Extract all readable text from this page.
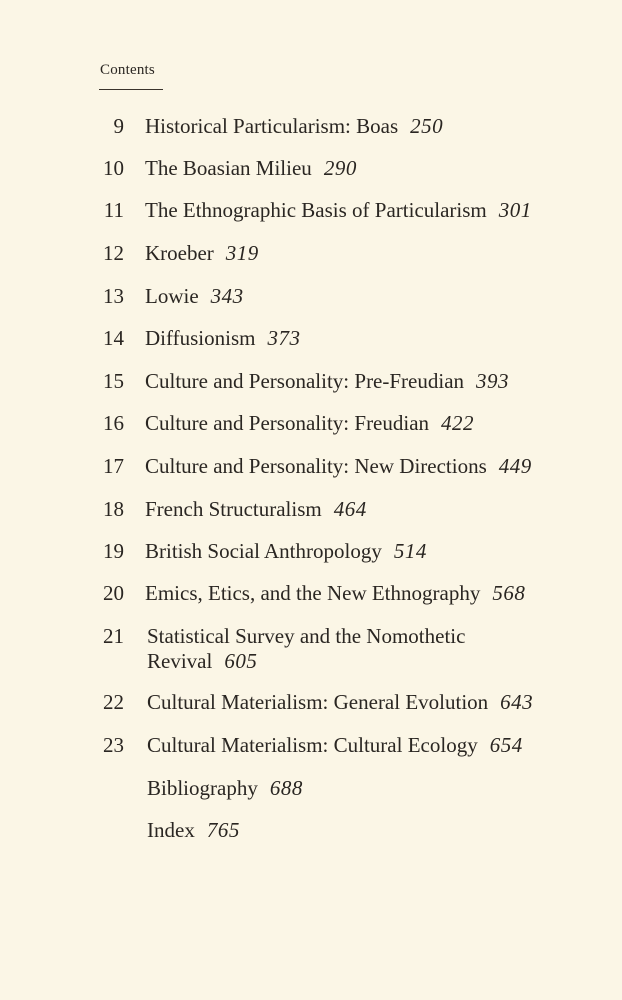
Contents
9 Historical Particularism: Boas 250
10 The Boasian Milieu 290
11 The Ethnographic Basis of Particularism 301
12 Kroeber 319
13 Lowie 343
14 Diffusionism 373
15 Culture and Personality: Pre-Freudian 393
16 Culture and Personality: Freudian 422
17 Culture and Personality: New Directions 449
18 French Structuralism 464
19 British Social Anthropology 514
20 Emics, Etics, and the New Ethnography 568
21 Statistical Survey and the Nomothetic
Revival 605
22 Cultural Materialism: General Evolution 643
23 Cultural Materialism: Cultural Ecology 654
Bibliography 688
Index 765
